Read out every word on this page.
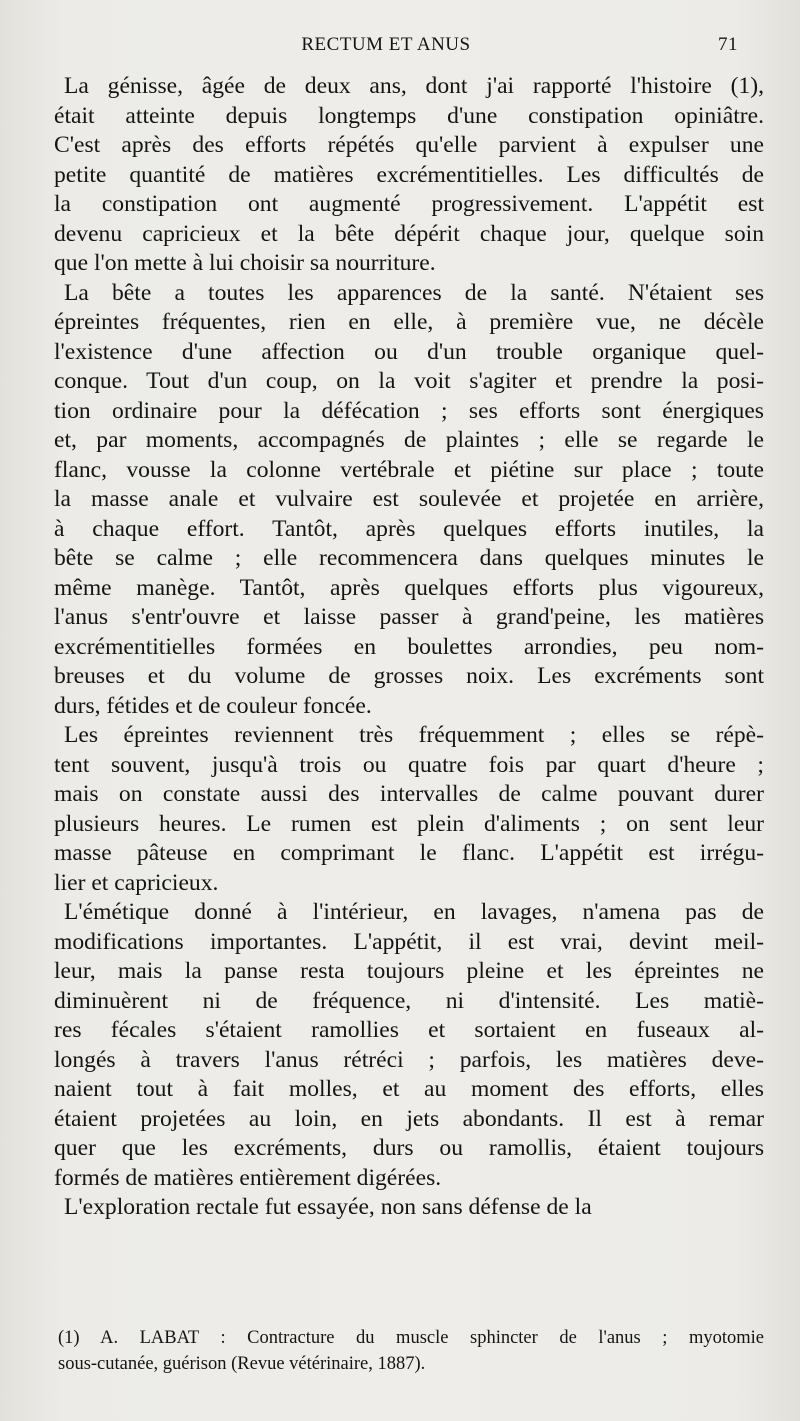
RECTUM ET ANUS	71
La génisse, âgée de deux ans, dont j'ai rapporté l'histoire (1),
était atteinte depuis longtemps d'une constipation opiniâtre.
C'est après des efforts répétés qu'elle parvient à expulser une
petite quantité de matières excrémentitielles. Les difficultés de
la constipation ont augmenté progressivement. L'appétit est
devenu capricieux et la bête dépérit chaque jour, quelque soin
que l'on mette à lui choisir sa nourriture.
La bête a toutes les apparences de la santé. N'étaient ses
épreintes fréquentes, rien en elle, à première vue, ne décèle
l'existence d'une affection ou d'un trouble organique quel-
conque. Tout d'un coup, on la voit s'agiter et prendre la posi-
tion ordinaire pour la défécation ; ses efforts sont énergiques
et, par moments, accompagnés de plaintes ; elle se regarde le
flanc, vousse la colonne vertébrale et piétine sur place ; toute
la masse anale et vulvaire est soulevée et projetée en arrière,
à chaque effort. Tantôt, après quelques efforts inutiles, la
bête se calme ; elle recommencera dans quelques minutes le
même manège. Tantôt, après quelques efforts plus vigoureux,
l'anus s'entr'ouvre et laisse passer à grand'peine, les matières
excrémentitielles formées en boulettes arrondies, peu nom-
breuses et du volume de grosses noix. Les excréments sont
durs, fétides et de couleur foncée.
Les épreintes reviennent très fréquemment ; elles se répè-
tent souvent, jusqu'à trois ou quatre fois par quart d'heure ;
mais on constate aussi des intervalles de calme pouvant durer
plusieurs heures. Le rumen est plein d'aliments ; on sent leur
masse pâteuse en comprimant le flanc. L'appétit est irrégu-
lier et capricieux.
L'émétique donné à l'intérieur, en lavages, n'amena pas de
modifications importantes. L'appétit, il est vrai, devint meil-
leur, mais la panse resta toujours pleine et les épreintes ne
diminuèrent ni de fréquence, ni d'intensité. Les matiè-
res fécales s'étaient ramollies et sortaient en fuseaux al-
longés à travers l'anus rétréci ; parfois, les matières deve-
naient tout à fait molles, et au moment des efforts, elles
étaient projetées au loin, en jets abondants. Il est à remar
quer que les excréments, durs ou ramollis, étaient toujours
formés de matières entièrement digérées.
L'exploration rectale fut essayée, non sans défense de la
(1) A. LABAT : Contracture du muscle sphincter de l'anus ; myotomie
sous-cutanée, guérison (Revue vétérinaire, 1887).
